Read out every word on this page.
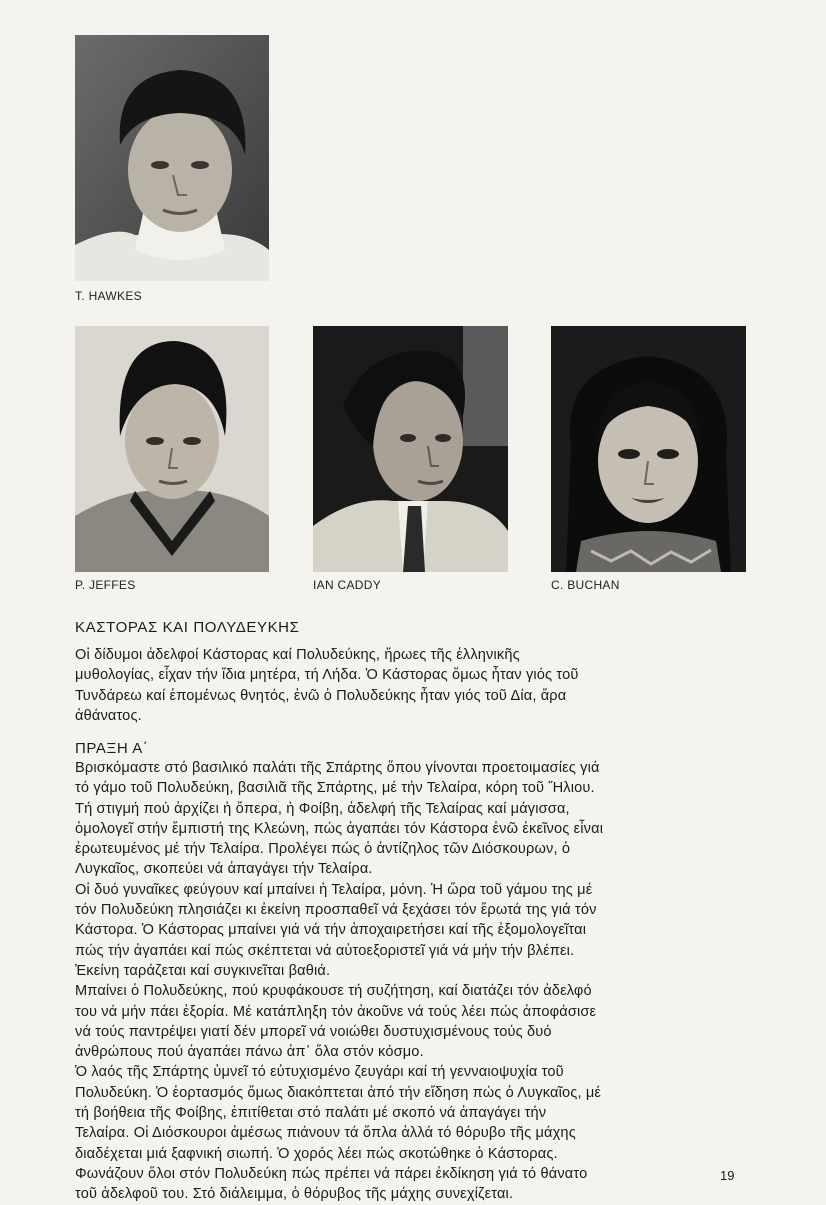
T. HAWKES
P. JEFFES	IAN CADDY	C. BUCHAN
ΚΑΣΤΟΡΑΣ ΚΑΙ ΠΟΛΥΔΕΥΚΗΣ

Οἱ δίδυμοι ἀδελφοί Κάστορας καί Πολυδεύκης, ἥρωες τῆς ἑλληνικῆς
μυθολογίας, εἶχαν τήν ἴδια μητέρα, τή Λήδα. Ὁ Κάστορας ὅμως ἦταν γιός τοῦ
Τυνδάρεω καί ἑπομένως θνητός, ἐνῶ ὁ Πολυδεύκης ἦταν γιός τοῦ Δία, ἄρα
ἀθάνατος.

ΠΡΑΞΗ Α΄

Βρισκόμαστε στό βασιλικό παλάτι τῆς Σπάρτης ὅπου γίνονται προετοιμασίες γιά
τό γάμο τοῦ Πολυδεύκη, βασιλιᾶ τῆς Σπάρτης, μέ τήν Τελαίρα, κόρη τοῦ Ἥλιου.
Τή στιγμή πού ἀρχίζει ἡ ὄπερα, ἡ Φοίβη, ἀδελφή τῆς Τελαίρας καί μάγισσα,
ὁμολογεῖ στήν ἔμπιστή της Κλεώνη, πώς ἀγαπάει τόν Κάστορα ἐνῶ ἐκεῖνος εἶναι
ἐρωτευμένος μέ τήν Τελαίρα. Προλέγει πώς ὁ ἀντίζηλος τῶν Διόσκουρων, ὁ
Λυγκαῖος, σκοπεύει νά ἀπαγάγει τήν Τελαίρα.
Οἱ δυό γυναῖκες φεύγουν καί μπαίνει ἡ Τελαίρα, μόνη. Ἡ ὥρα τοῦ γάμου της μέ
τόν Πολυδεύκη πλησιάζει κι ἐκείνη προσπαθεῖ νά ξεχάσει τόν ἔρωτά της γιά τόν
Κάστορα. Ὁ Κάστορας μπαίνει γιά νά τήν ἀποχαιρετήσει καί τῆς ἐξομολογεῖται
πώς τήν ἀγαπάει καί πώς σκέπτεται νά αὐτοεξοριστεῖ γιά νά μήν τήν βλέπει.
Ἐκείνη ταράζεται καί συγκινεῖται βαθιά.
Μπαίνει ὁ Πολυδεύκης, πού κρυφάκουσε τή συζήτηση, καί διατάζει τόν ἀδελφό
του νά μήν πάει ἐξορία. Μέ κατάπληξη τόν ἀκοῦνε νά τούς λέει πώς ἀποφάσισε
νά τούς παντρέψει γιατί δέν μπορεῖ νά νοιώθει δυστυχισμένους τούς δυό
ἀνθρώπους πού ἀγαπάει πάνω ἀπ᾽ ὅλα στόν κόσμο.
Ὁ λαός τῆς Σπάρτης ὑμνεῖ τό εὐτυχισμένο ζευγάρι καί τή γενναιοψυχία τοῦ
Πολυδεύκη. Ὁ ἑορτασμός ὅμως διακόπτεται ἀπό τήν εἴδηση πώς ὁ Λυγκαῖος, μέ
τή βοήθεια τῆς Φοίβης, ἐπιτίθεται στό παλάτι μέ σκοπό νά ἀπαγάγει τήν
Τελαίρα. Οἱ Διόσκουροι ἀμέσως πιάνουν τά ὅπλα ἀλλά τό θόρυβο τῆς μάχης
διαδέχεται μιά ξαφνική σιωπή. Ὁ χορός λέει πώς σκοτώθηκε ὁ Κάστορας.
Φωνάζουν ὅλοι στόν Πολυδεύκη πώς πρέπει νά πάρει ἐκδίκηση γιά τό θάνατο
τοῦ ἀδελφοῦ του. Στό διάλειμμα, ὁ θόρυβος τῆς μάχης συνεχίζεται.

19
